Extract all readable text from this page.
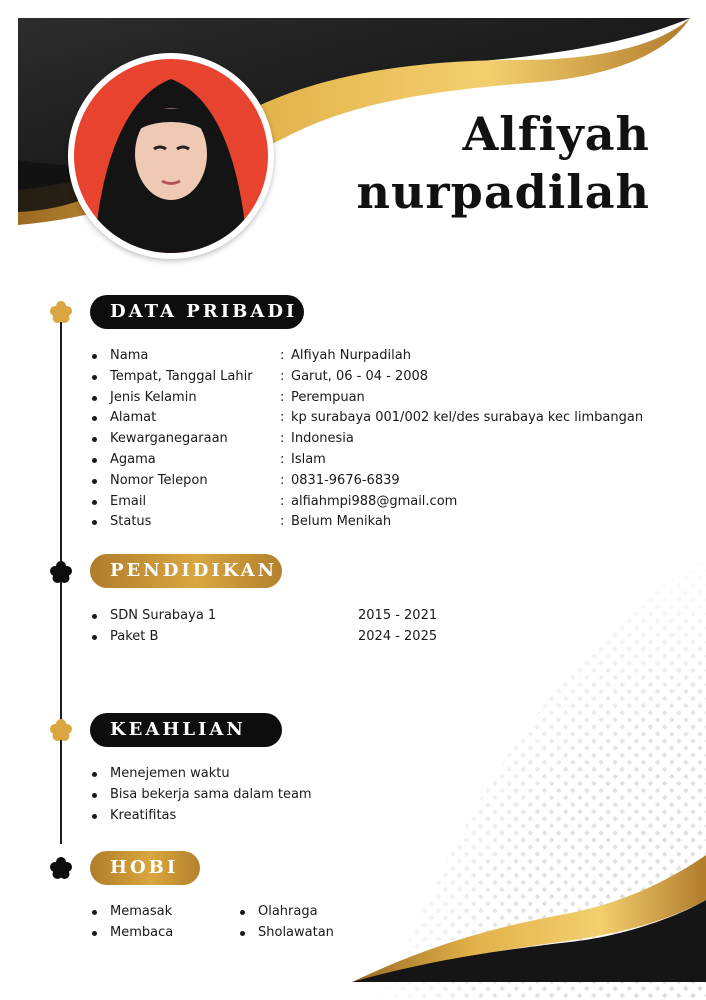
Alfiyah
nurpadilah
DATA PRIBADI
Nama
Tempat, Tanggal Lahir
Jenis Kelamin
Alamat
Kewarganegaraan
Agama
Nomor Telepon
Email
Status
: Alfiyah Nurpadilah
: Garut, 06 - 04 - 2008
: Perempuan
: kp surabaya 001/002 kel/des surabaya kec limbangan
: Indonesia
: Islam
: 0831-9676-6839
: alfiahmpi988@gmail.com
: Belum Menikah
PENDIDIKAN
SDN Surabaya 1
Paket B
2015 - 2021
2024 - 2025
KEAHLIAN
Menejemen waktu
Bisa bekerja sama dalam team
Kreatifitas
HOBI
Memasak
Membaca
Olahraga
Sholawatan
